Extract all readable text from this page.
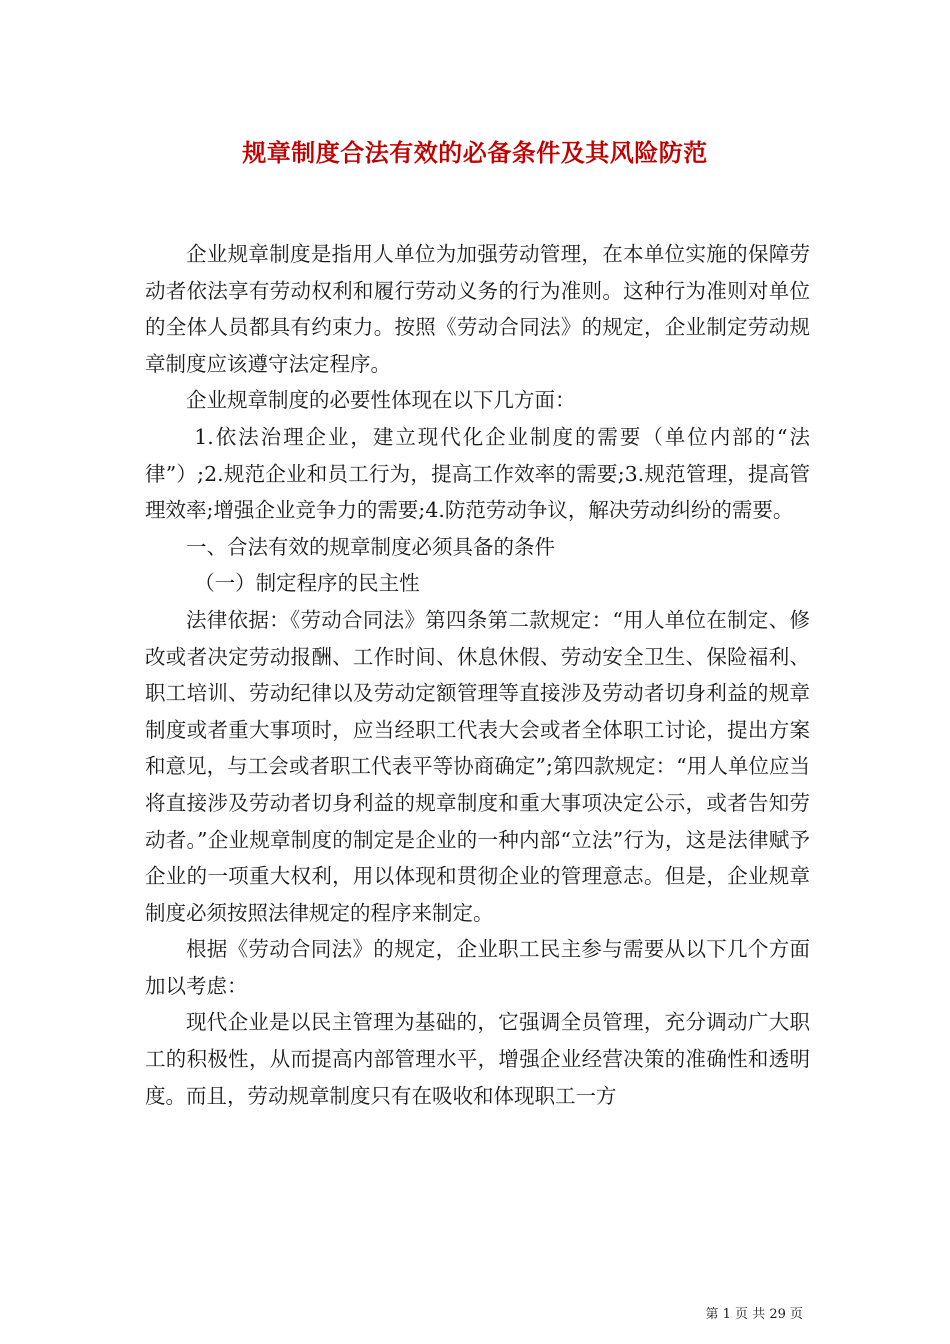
规章制度合法有效的必备条件及其风险防范

企业规章制度是指用人单位为加强劳动管理，在本单位实施的保障劳动者依法享有劳动权利和履行劳动义务的行为准则。这种行为准则对单位的全体人员都具有约束力。按照《劳动合同法》的规定，企业制定劳动规章制度应该遵守法定程序。

企业规章制度的必要性体现在以下几方面：

1.依法治理企业，建立现代化企业制度的需要（单位内部的“法律”）;2.规范企业和员工行为，提高工作效率的需要;3.规范管理，提高管理效率;增强企业竞争力的需要;4.防范劳动争议，解决劳动纠纷的需要。

一、合法有效的规章制度必须具备的条件

（一）制定程序的民主性

法律依据：《劳动合同法》第四条第二款规定：“用人单位在制定、修改或者决定劳动报酬、工作时间、休息休假、劳动安全卫生、保险福利、职工培训、劳动纪律以及劳动定额管理等直接涉及劳动者切身利益的规章制度或者重大事项时，应当经职工代表大会或者全体职工讨论，提出方案和意见，与工会或者职工代表平等协商确定”;第四款规定：“用人单位应当将直接涉及劳动者切身利益的规章制度和重大事项决定公示，或者告知劳动者。”企业规章制度的制定是企业的一种内部“立法”行为，这是法律赋予企业的一项重大权利，用以体现和贯彻企业的管理意志。但是，企业规章制度必须按照法律规定的程序来制定。

根据《劳动合同法》的规定，企业职工民主参与需要从以下几个方面加以考虑：

现代企业是以民主管理为基础的，它强调全员管理，充分调动广大职工的积极性，从而提高内部管理水平，增强企业经营决策的准确性和透明度。而且，劳动规章制度只有在吸收和体现职工一方

第 1 页 共 29 页
